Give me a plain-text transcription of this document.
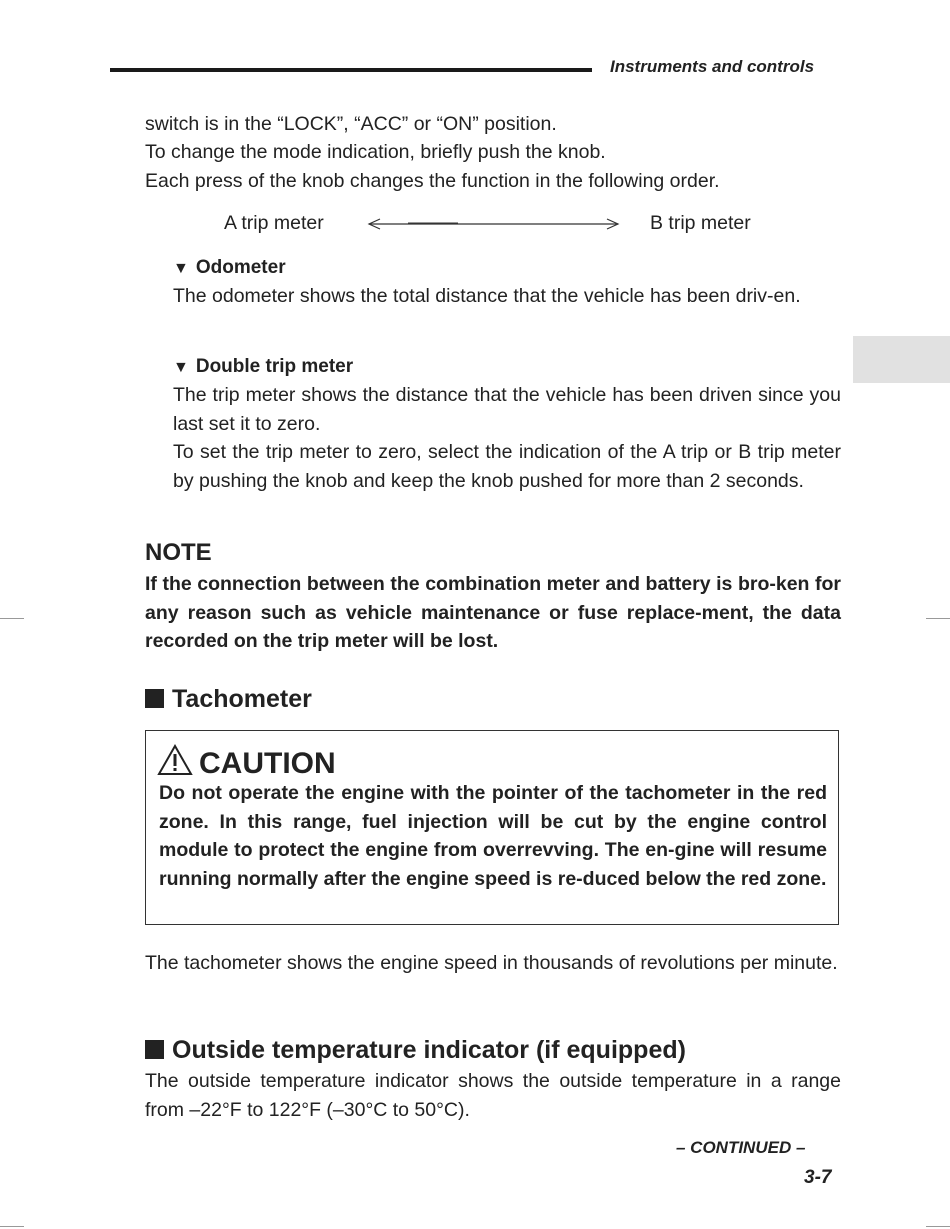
Instruments and controls
switch is in the “LOCK”, “ACC” or “ON” position.
To change the mode indication, briefly push the knob.
Each press of the knob changes the function in the following order.
A trip meter	B trip meter
▼ Odometer
The odometer shows the total distance that the vehicle has been driv-en.
▼ Double trip meter
The trip meter shows the distance that the vehicle has been driven since you last set it to zero.
To set the trip meter to zero, select the indication of the A trip or B trip meter by pushing the knob and keep the knob pushed for more than 2 seconds.
NOTE
If the connection between the combination meter and battery is bro-ken for any reason such as vehicle maintenance or fuse replace-ment, the data recorded on the trip meter will be lost.
Tachometer
CAUTION
Do not operate the engine with the pointer of the tachometer in the red zone. In this range, fuel injection will be cut by the engine control module to protect the engine from overrevving. The en-gine will resume running normally after the engine speed is re-duced below the red zone.
The tachometer shows the engine speed in thousands of revolutions per minute.
Outside temperature indicator (if equipped)
The outside temperature indicator shows the outside temperature in a range from –22°F to 122°F (–30°C to 50°C).
– CONTINUED –
3-7
